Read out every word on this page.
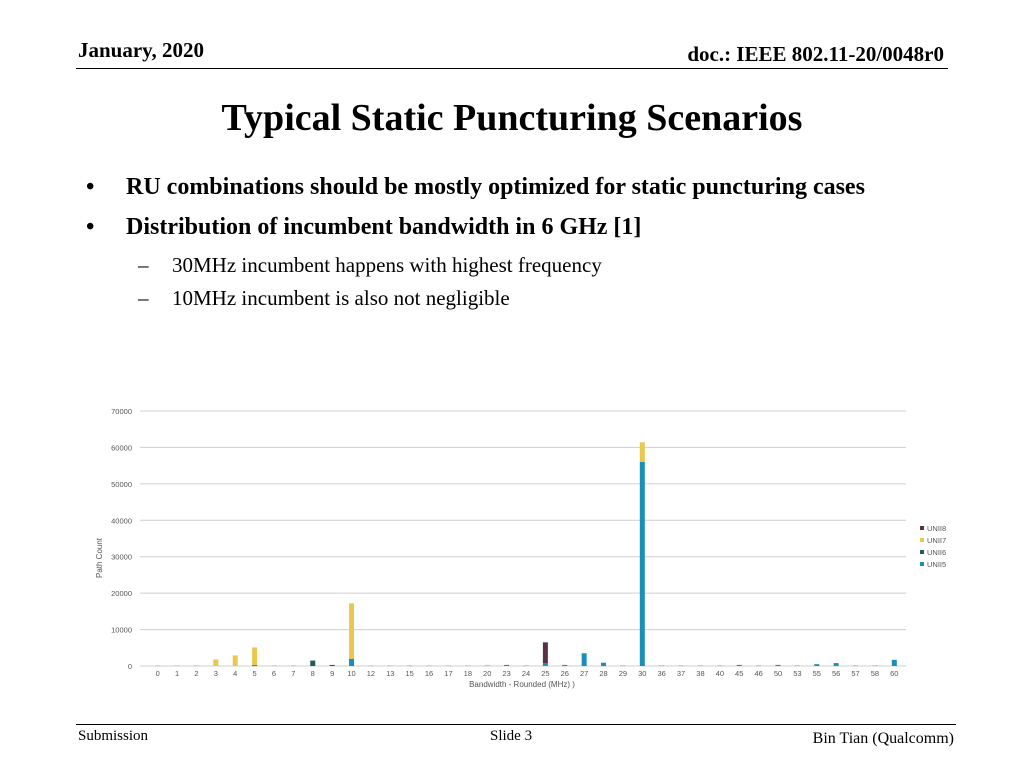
January, 2020	doc.: IEEE 802.11-20/0048r0
Typical Static Puncturing Scenarios
• RU combinations should be mostly optimized for static puncturing cases
• Distribution of incumbent bandwidth in 6 GHz [1]
– 30MHz incumbent happens with highest frequency
– 10MHz incumbent is also not negligible
0
10000
20000
30000
40000
50000
60000
70000
0 1 2 3 4 5 6 7 8 9 10 12 13 15 16 17 18 20 23 24 25 26 27 28 29 30 36 37 38 40 45 46 50 53 55 56 57 58 60
Path Count
Bandwidth - Rounded (MHz) )
UNII8
UNII7
UNII6
UNII5
Submission	Slide 3	Bin Tian (Qualcomm)
